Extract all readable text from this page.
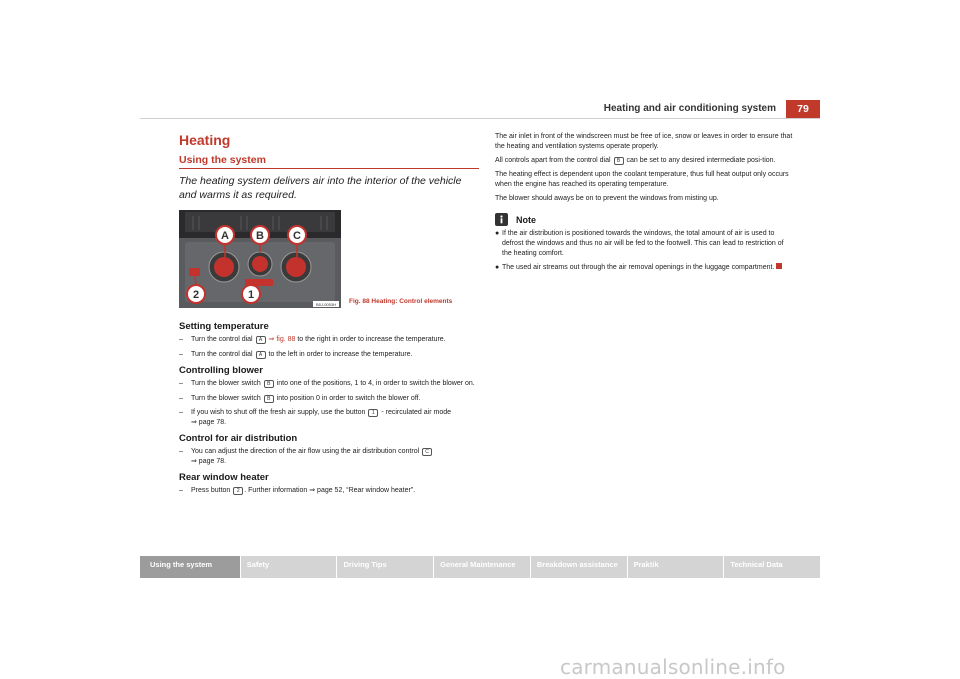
Heating and air conditioning system	79
Heating
Using the system
The heating system delivers air into the interior of the vehicle and warms it as required.
A B	C
2	1
B5J-0053H Fig. 88 Heating: Control elements
Setting temperature
– Turn the control dial A ⇒ fig. 88 to the right in order to increase the temperature.
– Turn the control dial A to the left in order to increase the temperature.
Controlling blower
– Turn the blower switch B into one of the positions, 1 to 4, in order to switch the blower on.
– Turn the blower switch B into position 0 in order to switch the blower off.
– If you wish to shut off the fresh air supply, use the button 1 - recirculated air mode
⇒ page 78.
Control for air distribution
– You can adjust the direction of the air flow using the air distribution control C
⇒ page 78.
Rear window heater
– Press button 2 . Further information ⇒ page 52, “Rear window heater”.

The air inlet in front of the windscreen must be free of ice, snow or leaves in order to ensure that the heating and ventilation systems operate properly.

All controls apart from the control dial B can be set to any desired intermediate posi-tion.

The heating effect is dependent upon the coolant temperature, thus full heat output only occurs when the engine has reached its operating temperature.

The blower should aways be on to prevent the windows from misting up.

Note
● If the air distribution is positioned towards the windows, the total amount of air is used to defrost the windows and thus no air will be fed to the footwell. This can lead to restriction of the heating comfort.
● The used air streams out through the air removal openings in the luggage compartment.
Using the system	Safety	Driving Tips	General Maintenance	Breakdown assistance	Praktik	Technical Data
carmanualsonline.info
